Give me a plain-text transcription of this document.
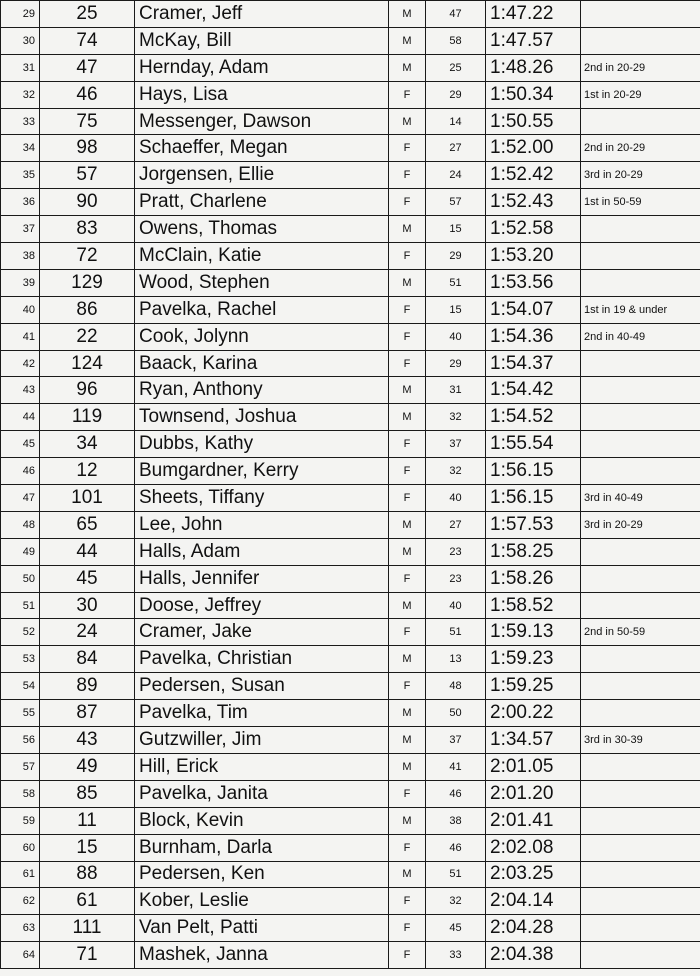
29	25	Cramer, Jeff	M	47	1:47.22	
30	74	McKay, Bill	M	58	1:47.57	
31	47	Hernday, Adam	M	25	1:48.26	2nd in 20-29
32	46	Hays, Lisa	F	29	1:50.34	1st in 20-29
33	75	Messenger, Dawson	M	14	1:50.55	
34	98	Schaeffer, Megan	F	27	1:52.00	2nd in 20-29
35	57	Jorgensen, Ellie	F	24	1:52.42	3rd in 20-29
36	90	Pratt, Charlene	F	57	1:52.43	1st in 50-59
37	83	Owens, Thomas	M	15	1:52.58	
38	72	McClain, Katie	F	29	1:53.20	
39	129	Wood, Stephen	M	51	1:53.56	
40	86	Pavelka, Rachel	F	15	1:54.07	1st in 19 & under
41	22	Cook, Jolynn	F	40	1:54.36	2nd in 40-49
42	124	Baack, Karina	F	29	1:54.37	
43	96	Ryan, Anthony	M	31	1:54.42	
44	119	Townsend, Joshua	M	32	1:54.52	
45	34	Dubbs, Kathy	F	37	1:55.54	
46	12	Bumgardner, Kerry	F	32	1:56.15	
47	101	Sheets, Tiffany	F	40	1:56.15	3rd in 40-49
48	65	Lee, John	M	27	1:57.53	3rd in 20-29
49	44	Halls, Adam	M	23	1:58.25	
50	45	Halls, Jennifer	F	23	1:58.26	
51	30	Doose, Jeffrey	M	40	1:58.52	
52	24	Cramer, Jake	F	51	1:59.13	2nd in 50-59
53	84	Pavelka, Christian	M	13	1:59.23	
54	89	Pedersen, Susan	F	48	1:59.25	
55	87	Pavelka, Tim	M	50	2:00.22	
56	43	Gutzwiller, Jim	M	37	1:34.57	3rd in 30-39
57	49	Hill, Erick	M	41	2:01.05	
58	85	Pavelka, Janita	F	46	2:01.20	
59	11	Block, Kevin	M	38	2:01.41	
60	15	Burnham, Darla	F	46	2:02.08	
61	88	Pedersen, Ken	M	51	2:03.25	
62	61	Kober, Leslie	F	32	2:04.14	
63	111	Van Pelt, Patti	F	45	2:04.28	
64	71	Mashek, Janna	F	33	2:04.38	
